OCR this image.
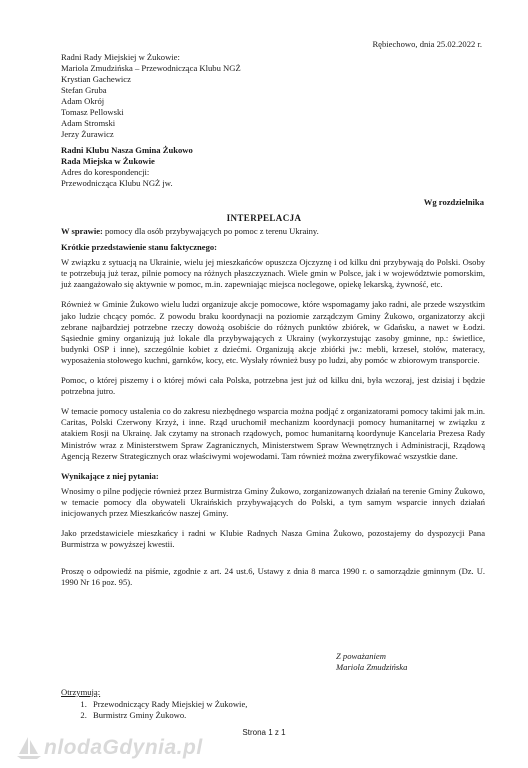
Rębiechowo, dnia 25.02.2022 r.
Radni Rady Miejskiej w Żukowie:
Mariola Zmudzińska – Przewodnicząca Klubu NGŻ
Krystian Gachewicz
Stefan Gruba
Adam Okrój
Tomasz Pellowski
Adam Stromski
Jerzy Żurawicz
Radni Klubu Nasza Gmina Żukowo
Rada Miejska w Żukowie
Adres do korespondencji:
Przewodnicząca Klubu NGŻ jw.
Wg rozdzielnika
INTERPELACJA

W sprawie: pomocy dla osób przybywających po pomoc z terenu Ukrainy.

Krótkie przedstawienie stanu faktycznego:

W związku z sytuacją na Ukrainie, wielu jej mieszkańców opuszcza Ojczyznę i od kilku dni przybywają do Polski. Osoby te potrzebują już teraz, pilnie pomocy na różnych płaszczyznach. Wiele gmin w Polsce, jak i w województwie pomorskim, już zaangażowało się aktywnie w pomoc, m.in. zapewniając miejsca noclegowe, opiekę lekarską, żywność, etc.

Również w Gminie Żukowo wielu ludzi organizuje akcje pomocowe, które wspomagamy jako radni, ale przede wszystkim jako ludzie chcący pomóc. Z powodu braku koordynacji na poziomie zarządczym Gminy Żukowo, organizatorzy akcji zebrane najbardziej potrzebne rzeczy dowożą osobiście do różnych punktów zbiórek, w Gdańsku, a nawet w Łodzi. Sąsiednie gminy organizują już lokale dla przybywających z Ukrainy (wykorzystując zasoby gminne, np.: świetlice, budynki OSP i inne), szczególnie kobiet z dziećmi. Organizują akcje zbiórki jw.: mebli, krzeseł, stołów, materacy, wyposażenia stołowego kuchni, garnków, kocy, etc. Wysłały również busy po ludzi, aby pomóc w zbiorowym transporcie.

Pomoc, o której piszemy i o której mówi cała Polska, potrzebna jest już od kilku dni, była wczoraj, jest dzisiaj i będzie potrzebna jutro.

W temacie pomocy ustalenia co do zakresu niezbędnego wsparcia można podjąć z organizatorami pomocy takimi jak m.in. Caritas, Polski Czerwony Krzyż, i inne. Rząd uruchomił mechanizm koordynacji pomocy humanitarnej w związku z atakiem Rosji na Ukrainę. Jak czytamy na stronach rządowych, pomoc humanitarną koordynuje Kancelaria Prezesa Rady Ministrów wraz z Ministerstwem Spraw Zagranicznych, Ministerstwem Spraw Wewnętrznych i Administracji, Rządową Agencją Rezerw Strategicznych oraz właściwymi wojewodami. Tam również można zweryfikować wszystkie dane.

Wynikające z niej pytania:

Wnosimy o pilne podjęcie również przez Burmistrza Gminy Żukowo, zorganizowanych działań na terenie Gminy Żukowo, w temacie pomocy dla obywateli Ukraińskich przybywających do Polski, a tym samym wsparcie innych działań inicjowanych przez Mieszkańców naszej Gminy.

Jako przedstawiciele mieszkańcy i radni w Klubie Radnych Nasza Gmina Żukowo, pozostajemy do dyspozycji Pana Burmistrza w powyższej kwestii.

Proszę o odpowiedź na piśmie, zgodnie z art. 24 ust.6, Ustawy z dnia 8 marca 1990 r. o samorządzie gminnym (Dz. U. 1990 Nr 16 poz. 95).

Z poważaniem
Mariola Zmudzińska
Otrzymują:
1. Przewodniczący Rady Miejskiej w Żukowie,
2. Burmistrz Gminy Żukowo.
Strona 1 z 1
nlodaGdynia.pl
